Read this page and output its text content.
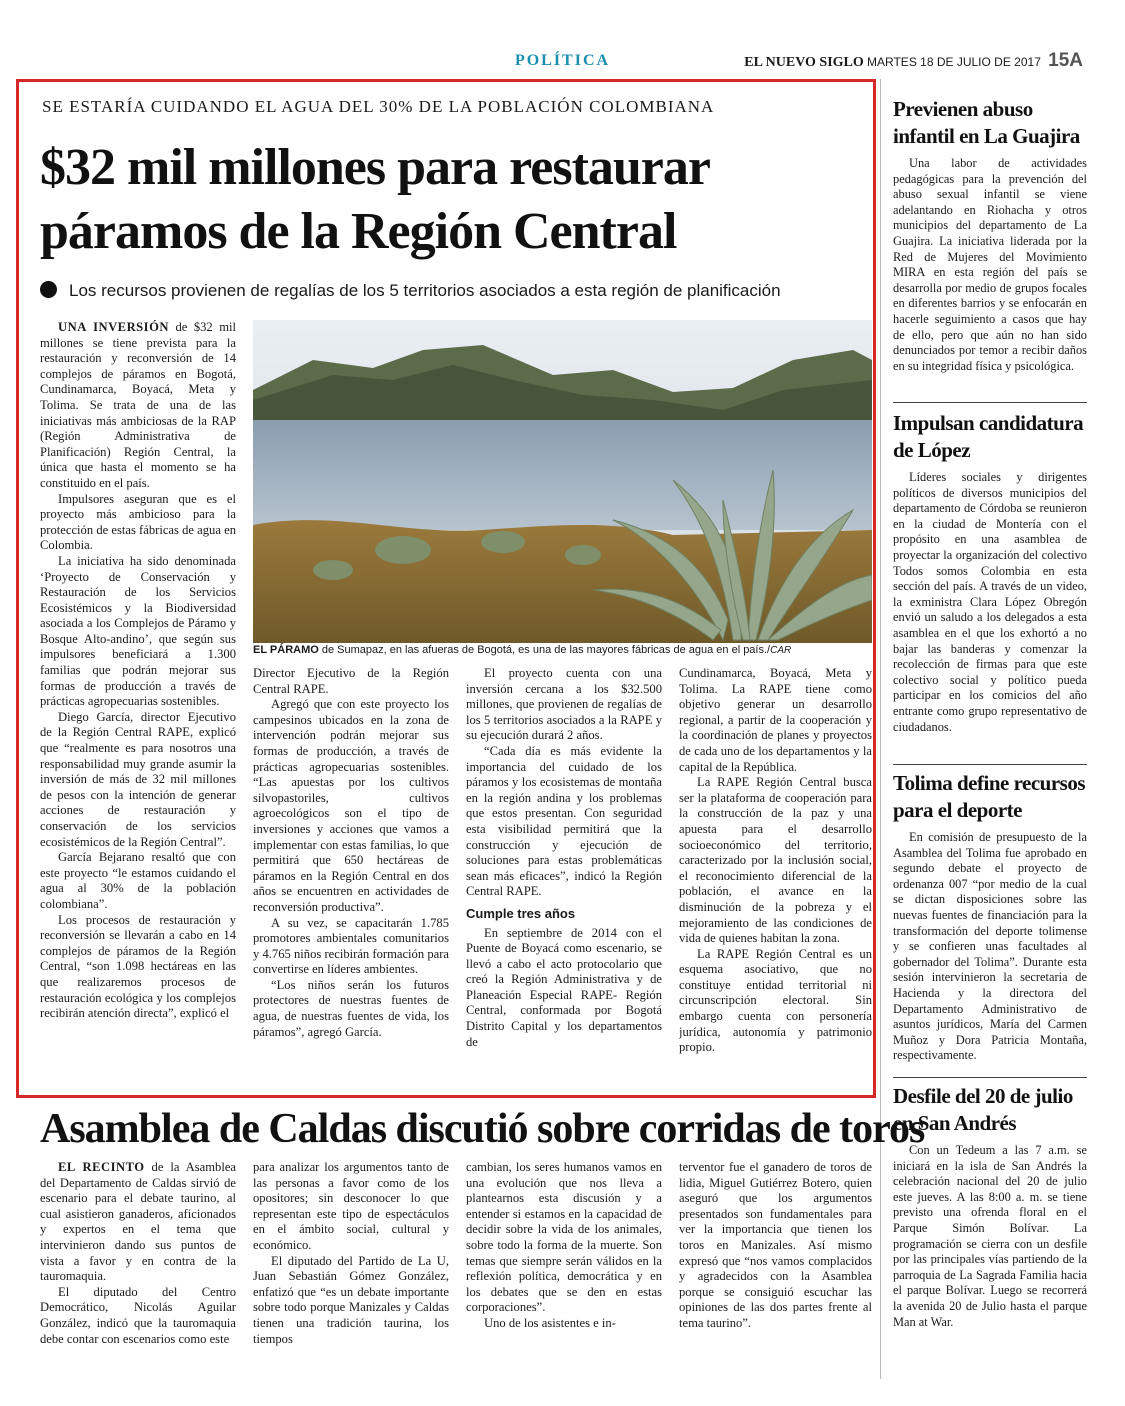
POLÍTICA	EL NUEVO SIGLO MARTES 18 DE JULIO DE 2017 15A
SE ESTARÍA CUIDANDO EL AGUA DEL 30% DE LA POBLACIÓN COLOMBIANA
$32 mil millones para restaurar páramos de la Región Central
Los recursos provienen de regalías de los 5 territorios asociados a esta región de planificación

UNA INVERSIÓN de $32 mil millones se tiene prevista para la restauración y reconversión de 14 complejos de páramos en Bogotá, Cundinamarca, Boyacá, Meta y Tolima. Se trata de una de las iniciativas más ambiciosas de la RAP (Región Administrativa de Planificación) Región Central, la única que hasta el momento se ha constituido en el país.

Impulsores aseguran que es el proyecto más ambicioso para la protección de estas fábricas de agua en Colombia.

La iniciativa ha sido denominada ‘Proyecto de Conservación y Restauración de los Servicios Ecosistémicos y la Biodiversidad asociada a los Complejos de Páramo y Bosque Alto-andino’, que según sus impulsores beneficiará a 1.300 familias que podrán mejorar sus formas de producción a través de prácticas agropecuarias sostenibles.

Diego García, director Ejecutivo de la Región Central RAPE, explicó que “realmente es para nosotros una responsabilidad muy grande asumir la inversión de más de 32 mil millones de pesos con la intención de generar acciones de restauración y conservación de los servicios ecosistémicos de la Región Central”.

García Bejarano resaltó que con este proyecto “le estamos cuidando el agua al 30% de la población colombiana”.

Los procesos de restauración y reconversión se llevarán a cabo en 14 complejos de páramos de la Región Central, “son 1.098 hectáreas en las que realizaremos procesos de restauración ecológica y los complejos recibirán atención directa”, explicó el

EL PÁRAMO de Sumapaz, en las afueras de Bogotá, es una de las mayores fábricas de agua en el país./CAR

Director Ejecutivo de la Región Central RAPE.

Agregó que con este proyecto los campesinos ubicados en la zona de intervención podrán mejorar sus formas de producción, a través de prácticas agropecuarias sostenibles. “Las apuestas por los cultivos silvopastoriles, cultivos agroecológicos son el tipo de inversiones y acciones que vamos a implementar con estas familias, lo que permitirá que 650 hectáreas de páramos en la Región Central en dos años se encuentren en actividades de reconversión productiva”.

A su vez, se capacitarán 1.785 promotores ambientales comunitarios y 4.765 niños recibirán formación para convertirse en líderes ambientes.

“Los niños serán los futuros protectores de nuestras fuentes de agua, de nuestras fuentes de vida, los páramos”, agregó García.

El proyecto cuenta con una inversión cercana a los $32.500 millones, que provienen de regalías de los 5 territorios asociados a la RAPE y su ejecución durará 2 años.

“Cada día es más evidente la importancia del cuidado de los páramos y los ecosistemas de montaña en la región andina y los problemas que estos presentan. Con seguridad esta visibilidad permitirá que la construcción y ejecución de soluciones para estas problemáticas sean más eficaces”, indicó la Región Central RAPE.

Cumple tres años

En septiembre de 2014 con el Puente de Boyacá como escenario, se llevó a cabo el acto protocolario que creó la Región Administrativa y de Planeación Especial RAPE- Región Central, conformada por Bogotá Distrito Capital y los departamentos de

Cundinamarca, Boyacá, Meta y Tolima. La RAPE tiene como objetivo generar un desarrollo regional, a partir de la cooperación y la coordinación de planes y proyectos de cada uno de los departamentos y la capital de la República.

La RAPE Región Central busca ser la plataforma de cooperación para la construcción de la paz y una apuesta para el desarrollo socioeconómico del territorio, caracterizado por la inclusión social, el reconocimiento diferencial de la población, el avance en la disminución de la pobreza y el mejoramiento de las condiciones de vida de quienes habitan la zona.

La RAPE Región Central es un esquema asociativo, que no constituye entidad territorial ni circunscripción electoral. Sin embargo cuenta con personería jurídica, autonomía y patrimonio propio.

Previenen abuso infantil en La Guajira

Una labor de actividades pedagógicas para la prevención del abuso sexual infantil se viene adelantando en Riohacha y otros municipios del departamento de La Guajira. La iniciativa liderada por la Red de Mujeres del Movimiento MIRA en esta región del país se desarrolla por medio de grupos focales en diferentes barrios y se enfocarán en hacerle seguimiento a casos que hay de ello, pero que aún no han sido denunciados por temor a recibir daños en su integridad física y psicológica.

Impulsan candidatura de López

Líderes sociales y dirigentes políticos de diversos municipios del departamento de Córdoba se reunieron en la ciudad de Montería con el propósito en una asamblea de proyectar la organización del colectivo Todos somos Colombia en esta sección del país. A través de un video, la exministra Clara López Obregón envió un saludo a los delegados a esta asamblea en el que los exhortó a no bajar las banderas y comenzar la recolección de firmas para que este colectivo social y político pueda participar en los comicios del año entrante como grupo representativo de ciudadanos.

Tolima define recursos para el deporte

En comisión de presupuesto de la Asamblea del Tolima fue aprobado en segundo debate el proyecto de ordenanza 007 “por medio de la cual se dictan disposiciones sobre las nuevas fuentes de financiación para la transformación del deporte tolimense y se confieren unas facultades al gobernador del Tolima”. Durante esta sesión intervinieron la secretaria de Hacienda y la directora del Departamento Administrativo de asuntos jurídicos, María del Carmen Muñoz y Dora Patricia Montaña, respectivamente.

Desfile del 20 de julio en San Andrés

Con un Tedeum a las 7 a.m. se iniciará en la isla de San Andrés la celebración nacional del 20 de julio este jueves. A las 8:00 a. m. se tiene previsto una ofrenda floral en el Parque Simón Bolívar. La programación se cierra con un desfile por las principales vías partiendo de la parroquia de La Sagrada Familia hacia el parque Bolívar. Luego se recorrerá la avenida 20 de Julio hasta el parque Man at War.

Asamblea de Caldas discutió sobre corridas de toros

EL RECINTO de la Asamblea del Departamento de Caldas sirvió de escenario para el debate taurino, al cual asistieron ganaderos, aficionados y expertos en el tema que intervinieron dando sus puntos de vista a favor y en contra de la tauromaquia.

El diputado del Centro Democrático, Nicolás Aguilar González, indicó que la tauromaquia debe contar con escenarios como este

para analizar los argumentos tanto de las personas a favor como de los opositores; sin desconocer lo que representan este tipo de espectáculos en el ámbito social, cultural y económico.

El diputado del Partido de La U, Juan Sebastián Gómez González, enfatizó que “es un debate importante sobre todo porque Manizales y Caldas tienen una tradición taurina, los tiempos

cambian, los seres humanos vamos en una evolución que nos lleva a plantearnos esta discusión y a entender si estamos en la capacidad de decidir sobre la vida de los animales, sobre todo la forma de la muerte. Son temas que siempre serán válidos en la reflexión política, democrática y en los debates que se den en estas corporaciones”.

Uno de los asistentes e in-

terventor fue el ganadero de toros de lidia, Miguel Gutiérrez Botero, quien aseguró que los argumentos presentados son fundamentales para ver la importancia que tienen los toros en Manizales. Así mismo expresó que “nos vamos complacidos y agradecidos con la Asamblea porque se consiguió escuchar las opiniones de las dos partes frente al tema taurino”.
